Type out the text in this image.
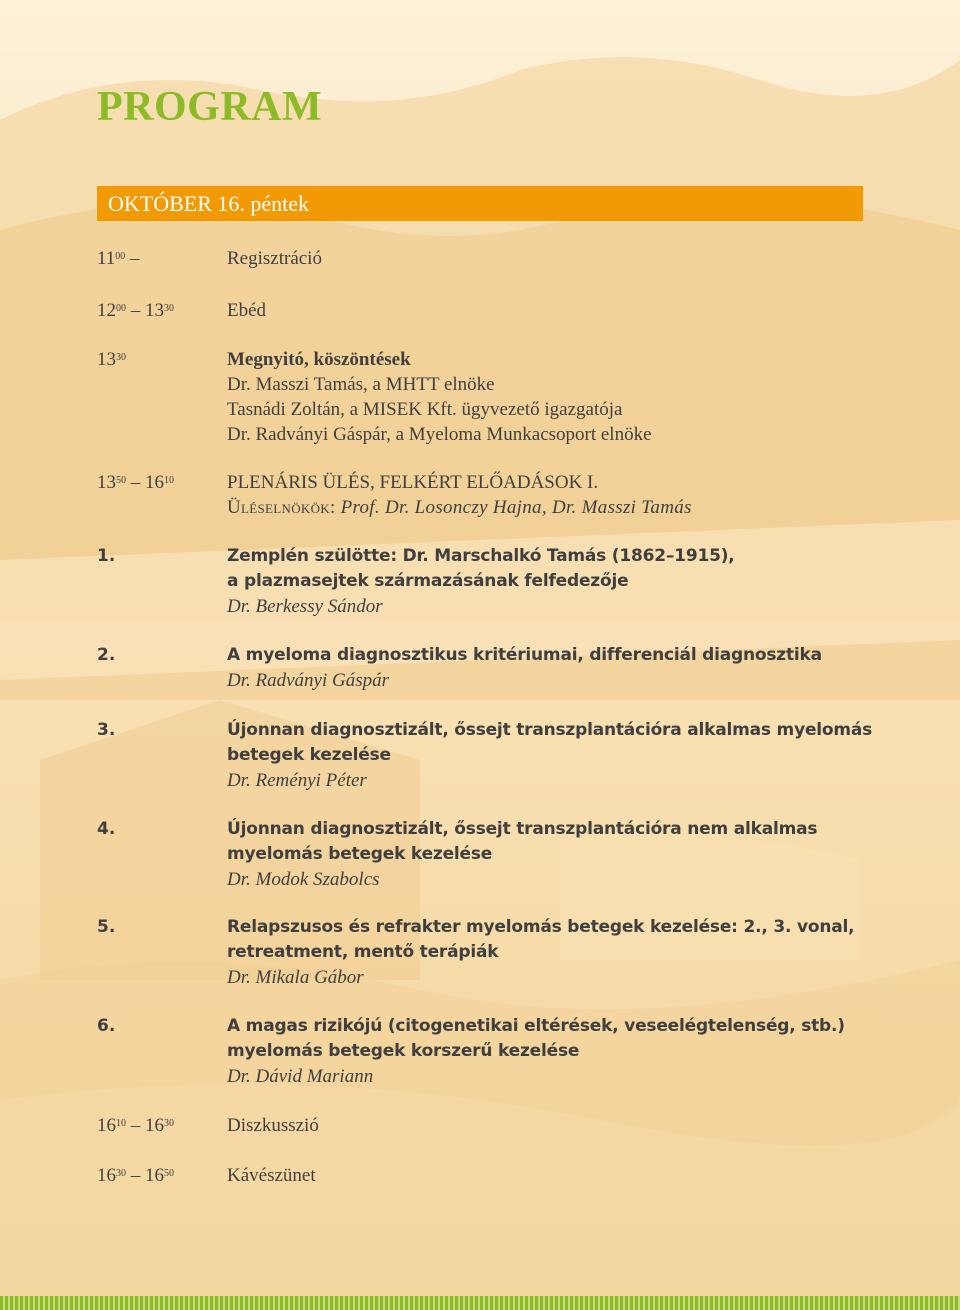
PROGRAM
OKTÓBER 16. péntek
$11^{00}$ –	Regisztráció
$12^{00} - 13^{30}$	Ebéd
$13^{30}$	Megnyitó, köszöntések
Dr. Masszi Tamás, a MHTT elnöke
Tasnádi Zoltán, a MISEK Kft. ügyvezető igazgatója
Dr. Radványi Gáspár, a Myeloma Munkacsoport elnöke
$13^{50} - 16^{10}$	PLENÁRIS ÜLÉS, FELKÉRT ELŐADÁSOK I.
Üléselnökök: Prof. Dr. Losonczy Hajna, Dr. Masszi Tamás
1.	Zemplén szülötte: Dr. Marschalkó Tamás (1862–1915),
a plazmasejtek származásának felfedezője
Dr. Berkessy Sándor
2.	A myeloma diagnosztikus kritériumai, differenciál diagnosztika
Dr. Radványi Gáspár
3.	Újonnan diagnosztizált, őssejt transzplantációra alkalmas myelomás
betegek kezelése
Dr. Reményi Péter
4.	Újonnan diagnosztizált, őssejt transzplantációra nem alkalmas
myelomás betegek kezelése
Dr. Modok Szabolcs
5.	Relapszusos és refrakter myelomás betegek kezelése: 2., 3. vonal,
retreatment, mentő terápiák
Dr. Mikala Gábor
6.	A magas rizikójú (citogenetikai eltérések, veseelégtelenség, stb.)
myelomás betegek korszerű kezelése
Dr. Dávid Mariann
$16^{10} - 16^{30}$	Diszkusszió
$16^{30} - 16^{50}$	Kávészünet
